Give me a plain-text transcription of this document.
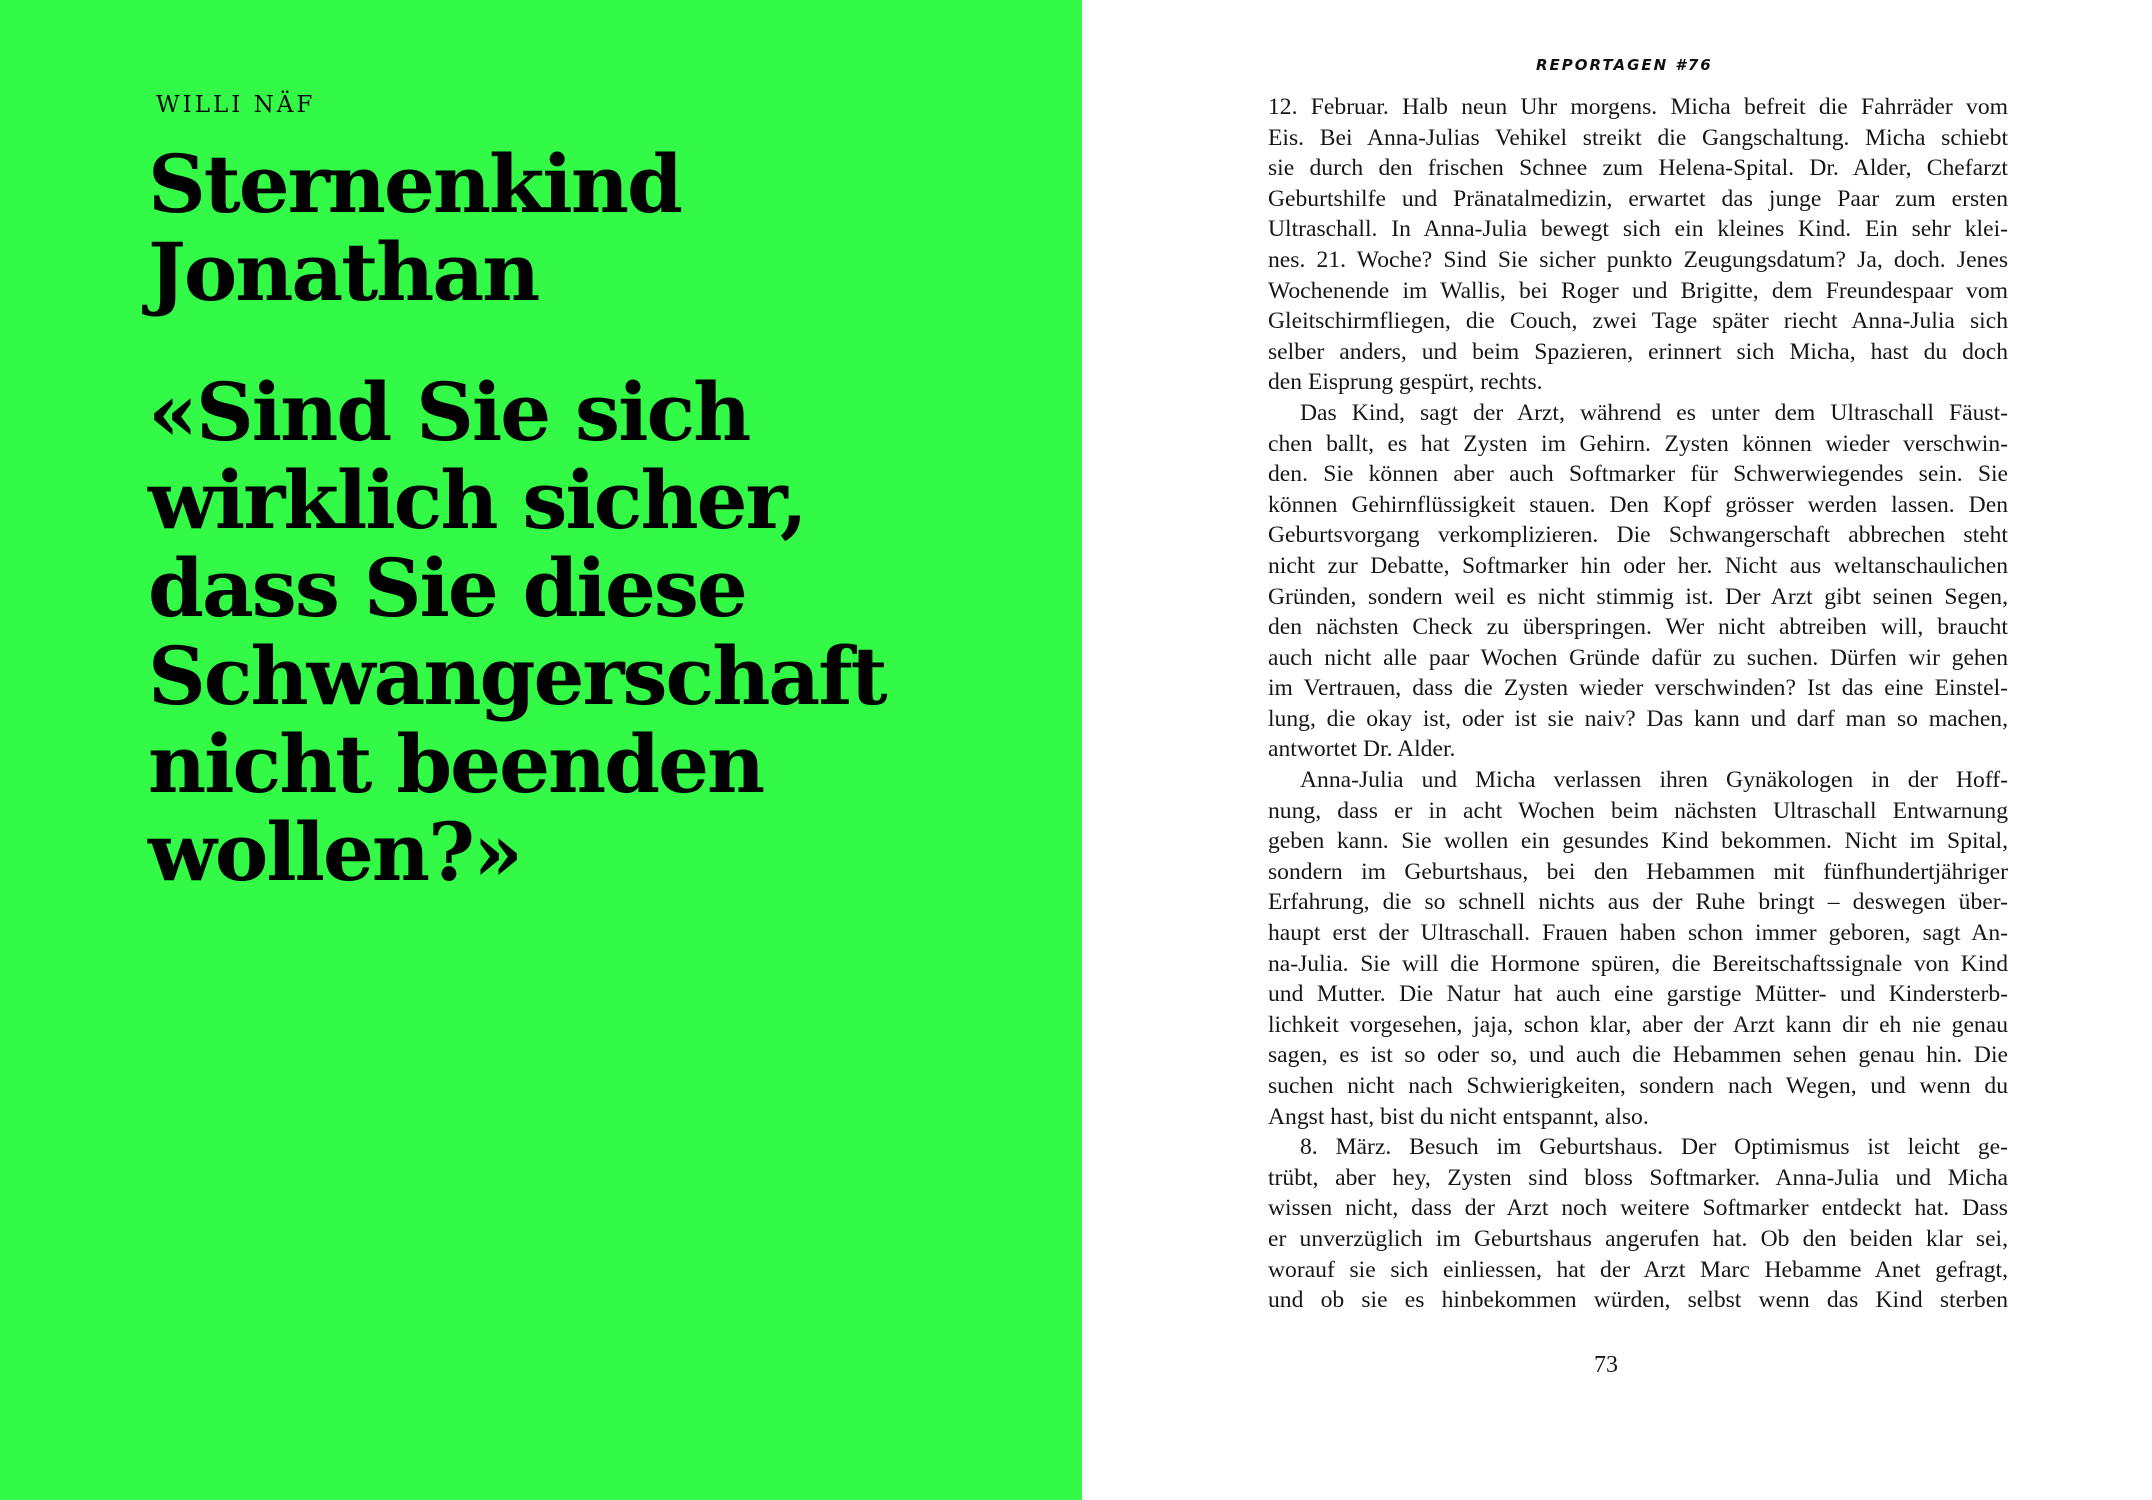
WILLI NÄF
Sternenkind
Jonathan
«Sind Sie sich
wirklich sicher,
dass Sie diese
Schwangerschaft
nicht beenden
wollen?»
REPORTAGEN #76
12. Februar. Halb neun Uhr morgens. Micha befreit die Fahrräder vom
Eis. Bei Anna-Julias Vehikel streikt die Gangschaltung. Micha schiebt
sie durch den frischen Schnee zum Helena-Spital. Dr. Alder, Chefarzt
Geburtshilfe und Pränatalmedizin, erwartet das junge Paar zum ersten
Ultraschall. In Anna-Julia bewegt sich ein kleines Kind. Ein sehr klei-
nes. 21. Woche? Sind Sie sicher punkto Zeugungsdatum? Ja, doch. Jenes
Wochenende im Wallis, bei Roger und Brigitte, dem Freundespaar vom
Gleitschirmfliegen, die Couch, zwei Tage später riecht Anna-Julia sich
selber anders, und beim Spazieren, erinnert sich Micha, hast du doch
den Eisprung gespürt, rechts.
Das Kind, sagt der Arzt, während es unter dem Ultraschall Fäust-
chen ballt, es hat Zysten im Gehirn. Zysten können wieder verschwin-
den. Sie können aber auch Softmarker für Schwerwiegendes sein. Sie
können Gehirnflüssigkeit stauen. Den Kopf grösser werden lassen. Den
Geburtsvorgang verkomplizieren. Die Schwangerschaft abbrechen steht
nicht zur Debatte, Softmarker hin oder her. Nicht aus weltanschaulichen
Gründen, sondern weil es nicht stimmig ist. Der Arzt gibt seinen Segen,
den nächsten Check zu überspringen. Wer nicht abtreiben will, braucht
auch nicht alle paar Wochen Gründe dafür zu suchen. Dürfen wir gehen
im Vertrauen, dass die Zysten wieder verschwinden? Ist das eine Einstel-
lung, die okay ist, oder ist sie naiv? Das kann und darf man so machen,
antwortet Dr. Alder.
Anna-Julia und Micha verlassen ihren Gynäkologen in der Hoff-
nung, dass er in acht Wochen beim nächsten Ultraschall Entwarnung
geben kann. Sie wollen ein gesundes Kind bekommen. Nicht im Spital,
sondern im Geburtshaus, bei den Hebammen mit fünfhundertjähriger
Erfahrung, die so schnell nichts aus der Ruhe bringt – deswegen über-
haupt erst der Ultraschall. Frauen haben schon immer geboren, sagt An-
na-Julia. Sie will die Hormone spüren, die Bereitschaftssignale von Kind
und Mutter. Die Natur hat auch eine garstige Mütter- und Kindersterb-
lichkeit vorgesehen, jaja, schon klar, aber der Arzt kann dir eh nie genau
sagen, es ist so oder so, und auch die Hebammen sehen genau hin. Die
suchen nicht nach Schwierigkeiten, sondern nach Wegen, und wenn du
Angst hast, bist du nicht entspannt, also.
8. März. Besuch im Geburtshaus. Der Optimismus ist leicht ge-
trübt, aber hey, Zysten sind bloss Softmarker. Anna-Julia und Micha
wissen nicht, dass der Arzt noch weitere Softmarker entdeckt hat. Dass
er unverzüglich im Geburtshaus angerufen hat. Ob den beiden klar sei,
worauf sie sich einliessen, hat der Arzt Marc Hebamme Anet gefragt,
und ob sie es hinbekommen würden, selbst wenn das Kind sterben
73
